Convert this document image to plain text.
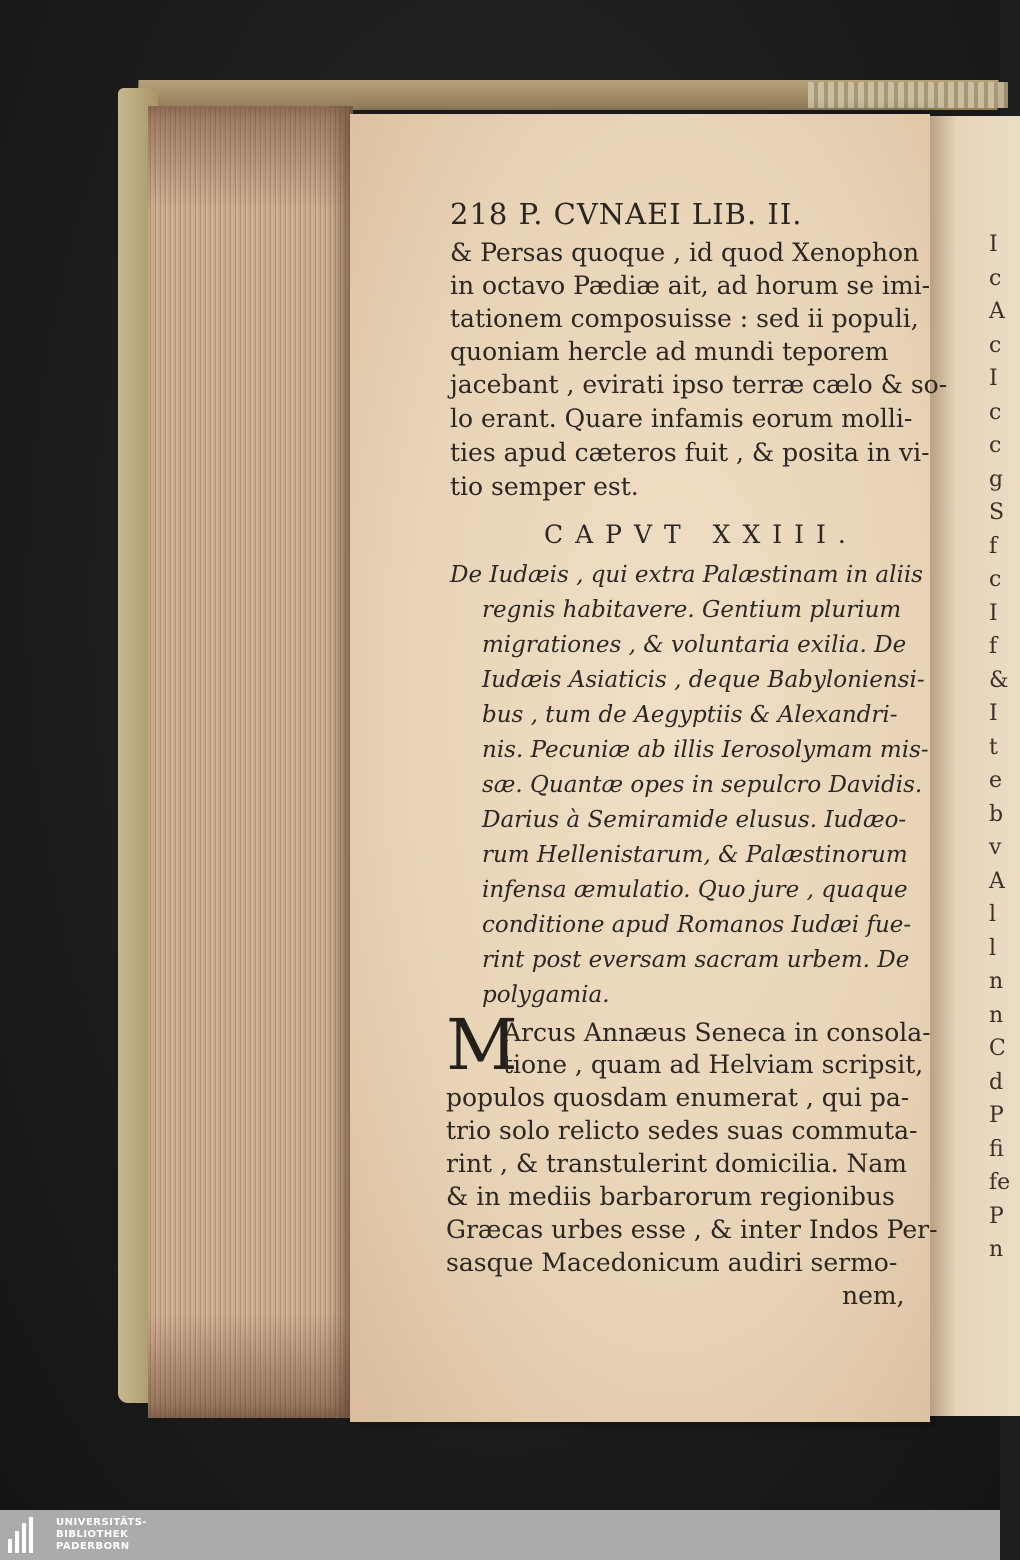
218 P. CVNAEI LIB. II.
& Persas quoque , id quod Xenophon
in octavo Pædiæ ait, ad horum se imi-
tationem composuisse : sed ii populi,
quoniam hercle ad mundi teporem
jacebant , evirati ipso terræ cælo & so-
lo erant. Quare infamis eorum molli-
ties apud cæteros fuit , & posita in vi-
tio semper est.
CAPVT XXIII.
De Iudæis , qui extra Palæstinam in aliis
regnis habitavere. Gentium plurium
migrationes , & voluntaria exilia. De
Iudæis Asiaticis , deque Babyloniensi-
bus , tum de Aegyptiis & Alexandri-
nis. Pecuniæ ab illis Ierosolymam mis-
sæ. Quantæ opes in sepulcro Davidis.
Darius à Semiramide elusus. Iudæo-
rum Hellenistarum, & Palæstinorum
infensa æmulatio. Quo jure , quaque
conditione apud Romanos Iudæi fue-
rint post eversam sacram urbem. De
polygamia.
M
Arcus Annæus Seneca in consola-
tione , quam ad Helviam scripsit,
populos quosdam enumerat , qui pa-
trio solo relicto sedes suas commuta-
rint , & transtulerint domicilia. Nam
& in mediis barbarorum regionibus
Græcas urbes esse , & inter Indos Per-
sasque Macedonicum audiri sermo-
nem,
I
c
A
c
I
c
c
g
S
f
c
I
f
&
I
t
e
b
v
A
l
l
n
n
C
d
P
fi
fe
P
n
UNIVERSITÄTS-
BIBLIOTHEK
PADERBORN
